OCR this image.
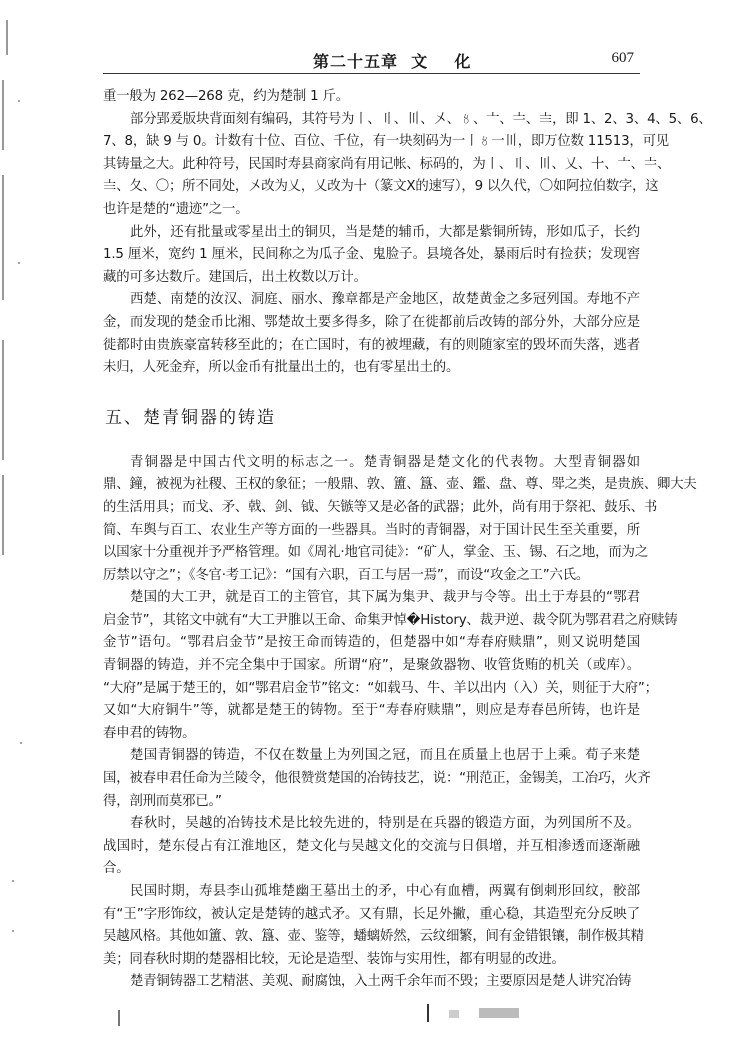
第二十五章  文    化	607
重一般为 262—268 克，约为楚制 1 斤。
部分郢爰版块背面刻有编码，其符号为〡、〢、〣、〤、〥、〦、〧、〨，即 1、2、3、4、5、6、
7、8，缺 9 与 0。计数有十位、百位、千位，有一块刻码为一〡〥一〣，即万位数 11513，可见
其铸量之大。此种符号，民国时寿县商家尚有用记帐、标码的，为〡、〢、〣、乂、〸、〦、〧、
〨、夂、〇；所不同处，〤改为乂，乂改为〸（篆文X的速写），9 以久代，〇如阿拉伯数字，这
也许是楚的“遗迹”之一。
此外，还有批量或零星出土的铜贝，当是楚的辅币，大都是紫铜所铸，形如瓜子，长约
1.5 厘米，宽约 1 厘米，民间称之为瓜子金、鬼脸子。县境各处，暴雨后时有捡获；发现窖
藏的可多达数斤。建国后，出土枚数以万计。
西楚、南楚的汝汉、洞庭、丽水、豫章都是产金地区，故楚黄金之多冠列国。寿地不产
金，而发现的楚金币比湘、鄂楚故土要多得多，除了在徙都前后改铸的部分外，大部分应是
徙都时由贵族豪富转移至此的；在亡国时，有的被埋藏，有的则随家室的毁坏而失落，逃者
未归，人死金弃，所以金币有批量出土的，也有零星出土的。
五、楚青铜器的铸造
青铜器是中国古代文明的标志之一。楚青铜器是楚文化的代表物。大型青铜器如
鼎、鐘，被视为社稷、王权的象征；一般鼎、敦、簠、簋、壶、鑑、盘、尊、斝之类，是贵族、卿大夫
的生活用具；而戈、矛、戟、剑、钺、矢镞等又是必备的武器；此外，尚有用于祭祀、鼓乐、书
简、车舆与百工、农业生产等方面的一些器具。当时的青铜器，对于国计民生至关重要，所
以国家十分重视并予严格管理。如《周礼·地官司徒》：“矿人，掌金、玉、锡、石之地，而为之
厉禁以守之”；《冬官·考工记》：“国有六职，百工与居一焉”，而设“攻金之工”六氏。
楚国的大工尹，就是百工的主管官，其下属为集尹、裁尹与令等。出土于寿县的“鄂君
启金节”，其铭文中就有“大工尹脽以王命、命集尹悼�History、裁尹逆、裁令阢为鄂君君之府赎铸
金节”语句。“鄂君启金节”是按王命而铸造的，但楚器中如“寿春府赎鼎”，则又说明楚国
青铜器的铸造，并不完全集中于国家。所谓“府”，是聚敛器物、收管货贿的机关（或库）。
“大府”是属于楚王的，如“鄂君启金节”铭文：“如载马、牛、羊以出内（入）关，则征于大府”；
又如“大府铜牛”等，就都是楚王的铸物。至于“寿春府赎鼎”，则应是寿春邑所铸，也许是
春申君的铸物。
楚国青铜器的铸造，不仅在数量上为列国之冠，而且在质量上也居于上乘。荀子来楚
国，被春申君任命为兰陵令，他很赞赏楚国的冶铸技艺，说：“刑范正，金锡美，工冶巧，火齐
得，剖刑而莫邪已。”
春秋时，吴越的冶铸技术是比较先进的，特别是在兵器的锻造方面，为列国所不及。
战国时，楚东侵占有江淮地区，楚文化与吴越文化的交流与日俱增，并互相渗透而逐渐融
合。
民国时期，寿县李山孤堆楚幽王墓出土的矛，中心有血槽，两翼有倒刺形回纹，骹部
有“王”字形饰纹，被认定是楚铸的越式矛。又有鼎，长足外撇，重心稳，其造型充分反映了
吴越风格。其他如簠、敦、簋、壶、鉴等，蟠螭娇然，云纹细繁，间有金错银镶，制作极其精
美；同春秋时期的楚器相比较，无论是造型、装饰与实用性，都有明显的改进。
楚青铜铸器工艺精湛、美观、耐腐蚀，入土两千余年而不毁；主要原因是楚人讲究冶铸
